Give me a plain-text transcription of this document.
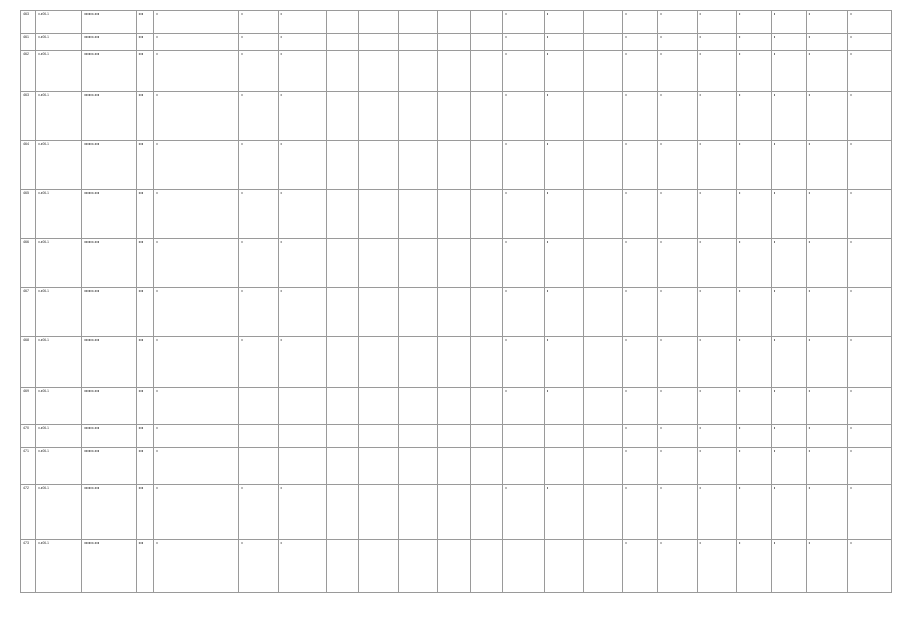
463	Ⅱ-Ⅱ06-1	ⅡⅡⅡⅡⅡⅡ-ⅡⅡⅡ	ⅡⅡⅡ	Ⅱ	Ⅱ	Ⅱ						Ⅱ	Ⅱ		Ⅱ	Ⅱ	Ⅱ	Ⅱ	Ⅱ	Ⅱ	Ⅱ
461	Ⅱ-Ⅱ06-1	ⅡⅡⅡⅡⅡⅡ-ⅡⅡⅡ	ⅡⅡⅡ	Ⅱ	Ⅱ	Ⅱ						Ⅱ	Ⅱ		Ⅱ	Ⅱ	Ⅱ	Ⅱ	Ⅱ	Ⅱ	Ⅱ
462	Ⅱ-Ⅱ06-1	ⅡⅡⅡⅡⅡⅡ-ⅡⅡⅡ	ⅡⅡⅡ	Ⅱ	Ⅱ	Ⅱ						Ⅱ	Ⅱ		Ⅱ	Ⅱ	Ⅱ	Ⅱ	Ⅱ	Ⅱ	Ⅱ
463	Ⅱ-Ⅱ06-1	ⅡⅡⅡⅡⅡⅡ-ⅡⅡⅡ	ⅡⅡⅡ	Ⅱ	Ⅱ	Ⅱ						Ⅱ	Ⅱ		Ⅱ	Ⅱ	Ⅱ	Ⅱ	Ⅱ	Ⅱ	Ⅱ
464	Ⅱ-Ⅱ06-1	ⅡⅡⅡⅡⅡⅡ-ⅡⅡⅡ	ⅡⅡⅡ	Ⅱ	Ⅱ	Ⅱ						Ⅱ	Ⅱ		Ⅱ	Ⅱ	Ⅱ	Ⅱ	Ⅱ	Ⅱ	Ⅱ
465	Ⅱ-Ⅱ06-1	ⅡⅡⅡⅡⅡⅡ-ⅡⅡⅡ	ⅡⅡⅡ	Ⅱ	Ⅱ	Ⅱ						Ⅱ	Ⅱ		Ⅱ	Ⅱ	Ⅱ	Ⅱ	Ⅱ	Ⅱ	Ⅱ
466	Ⅱ-Ⅱ06-1	ⅡⅡⅡⅡⅡⅡ-ⅡⅡⅡ	ⅡⅡⅡ	Ⅱ	Ⅱ	Ⅱ						Ⅱ	Ⅱ		Ⅱ	Ⅱ	Ⅱ	Ⅱ	Ⅱ	Ⅱ	Ⅱ
467	Ⅱ-Ⅱ06-1	ⅡⅡⅡⅡⅡⅡ-ⅡⅡⅡ	ⅡⅡⅡ	Ⅱ	Ⅱ	Ⅱ						Ⅱ	Ⅱ		Ⅱ	Ⅱ	Ⅱ	Ⅱ	Ⅱ	Ⅱ	Ⅱ
468	Ⅱ-Ⅱ06-1	ⅡⅡⅡⅡⅡⅡ-ⅡⅡⅡ	ⅡⅡⅡ	Ⅱ	Ⅱ	Ⅱ						Ⅱ	Ⅱ		Ⅱ	Ⅱ	Ⅱ	Ⅱ	Ⅱ	Ⅱ	Ⅱ
469	Ⅱ-Ⅱ06-1	ⅡⅡⅡⅡⅡⅡ-ⅡⅡⅡ	ⅡⅡⅡ	Ⅱ								Ⅱ	Ⅱ		Ⅱ	Ⅱ	Ⅱ	Ⅱ	Ⅱ	Ⅱ	Ⅱ
470	Ⅱ-Ⅱ06-1	ⅡⅡⅡⅡⅡⅡ-ⅡⅡⅡ	ⅡⅡⅡ	Ⅱ											Ⅱ	Ⅱ	Ⅱ	Ⅱ	Ⅱ	Ⅱ	Ⅱ
471	Ⅱ-Ⅱ06-1	ⅡⅡⅡⅡⅡⅡ-ⅡⅡⅡ	ⅡⅡⅡ	Ⅱ											Ⅱ	Ⅱ	Ⅱ	Ⅱ	Ⅱ	Ⅱ	Ⅱ
472	Ⅱ-Ⅱ06-1	ⅡⅡⅡⅡⅡⅡ-ⅡⅡⅡ	ⅡⅡⅡ	Ⅱ	Ⅱ	Ⅱ						Ⅱ	Ⅱ		Ⅱ	Ⅱ	Ⅱ	Ⅱ	Ⅱ	Ⅱ	Ⅱ
473	Ⅱ-Ⅱ06-1	ⅡⅡⅡⅡⅡⅡ-ⅡⅡⅡ	ⅡⅡⅡ	Ⅱ	Ⅱ	Ⅱ									Ⅱ	Ⅱ	Ⅱ	Ⅱ	Ⅱ	Ⅱ	Ⅱ
